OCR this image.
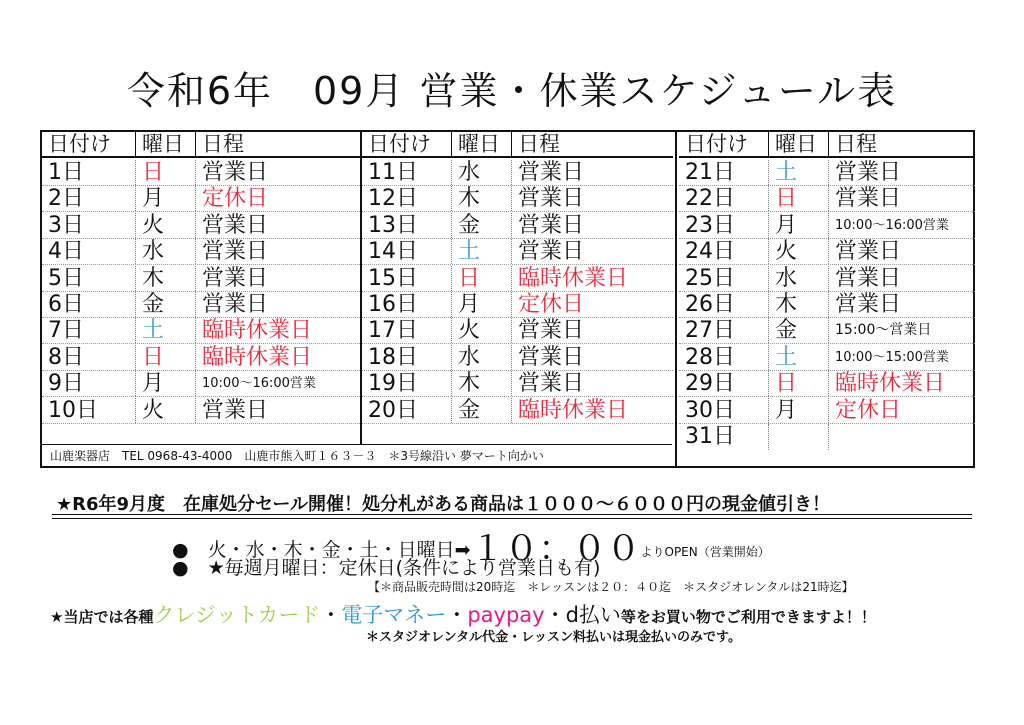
令和6年　09月 営業・休業スケジュール表
日付け	曜日 日程
1日	日	営業日
2日	月	定休日
3日	火	営業日
4日	水	営業日
5日	木	営業日
6日	金	営業日
7日	土	臨時休業日
8日	日	臨時休業日
9日	月	10:00～16:00営業
10日	火	営業日
日付け	曜日 日程
11日	水	営業日
12日	木	営業日
13日	金	営業日
14日	土	営業日
15日	日	臨時休業日
16日	月	定休日
17日	火	営業日
18日	水	営業日
19日	木	営業日
20日	金	臨時休業日
日付け	曜日 日程
21日	土	営業日
22日	日	営業日
23日	月	10:00～16:00営業
24日	火	営業日
25日	水	営業日
26日	木	営業日
27日	金	15:00～営業日
28日	土	10:00～15:00営業
29日	日	臨時休業日
30日	月	定休日
31日
山鹿楽器店　TEL 0968-43-4000　山鹿市熊入町１６３－３　＊3号線沿い 夢マート向かい
★R6年9月度　在庫処分セール開催！処分札がある商品は１０００～６０００円の現金値引き！
●　火・水・木・金・土・日曜日➡１０：００よりOPEN（営業開始）
●　★毎週月曜日：定休日(条件により営業日も有)
【＊商品販売時間は20時迄　＊レッスンは２０：４０迄　＊スタジオレンタルは21時迄】
★当店では各種クレジットカード・電子マネー・paypay・d払い等をお買い物でご利用できますよ！！
＊スタジオレンタル代金・レッスン料払いは現金払いのみです。
